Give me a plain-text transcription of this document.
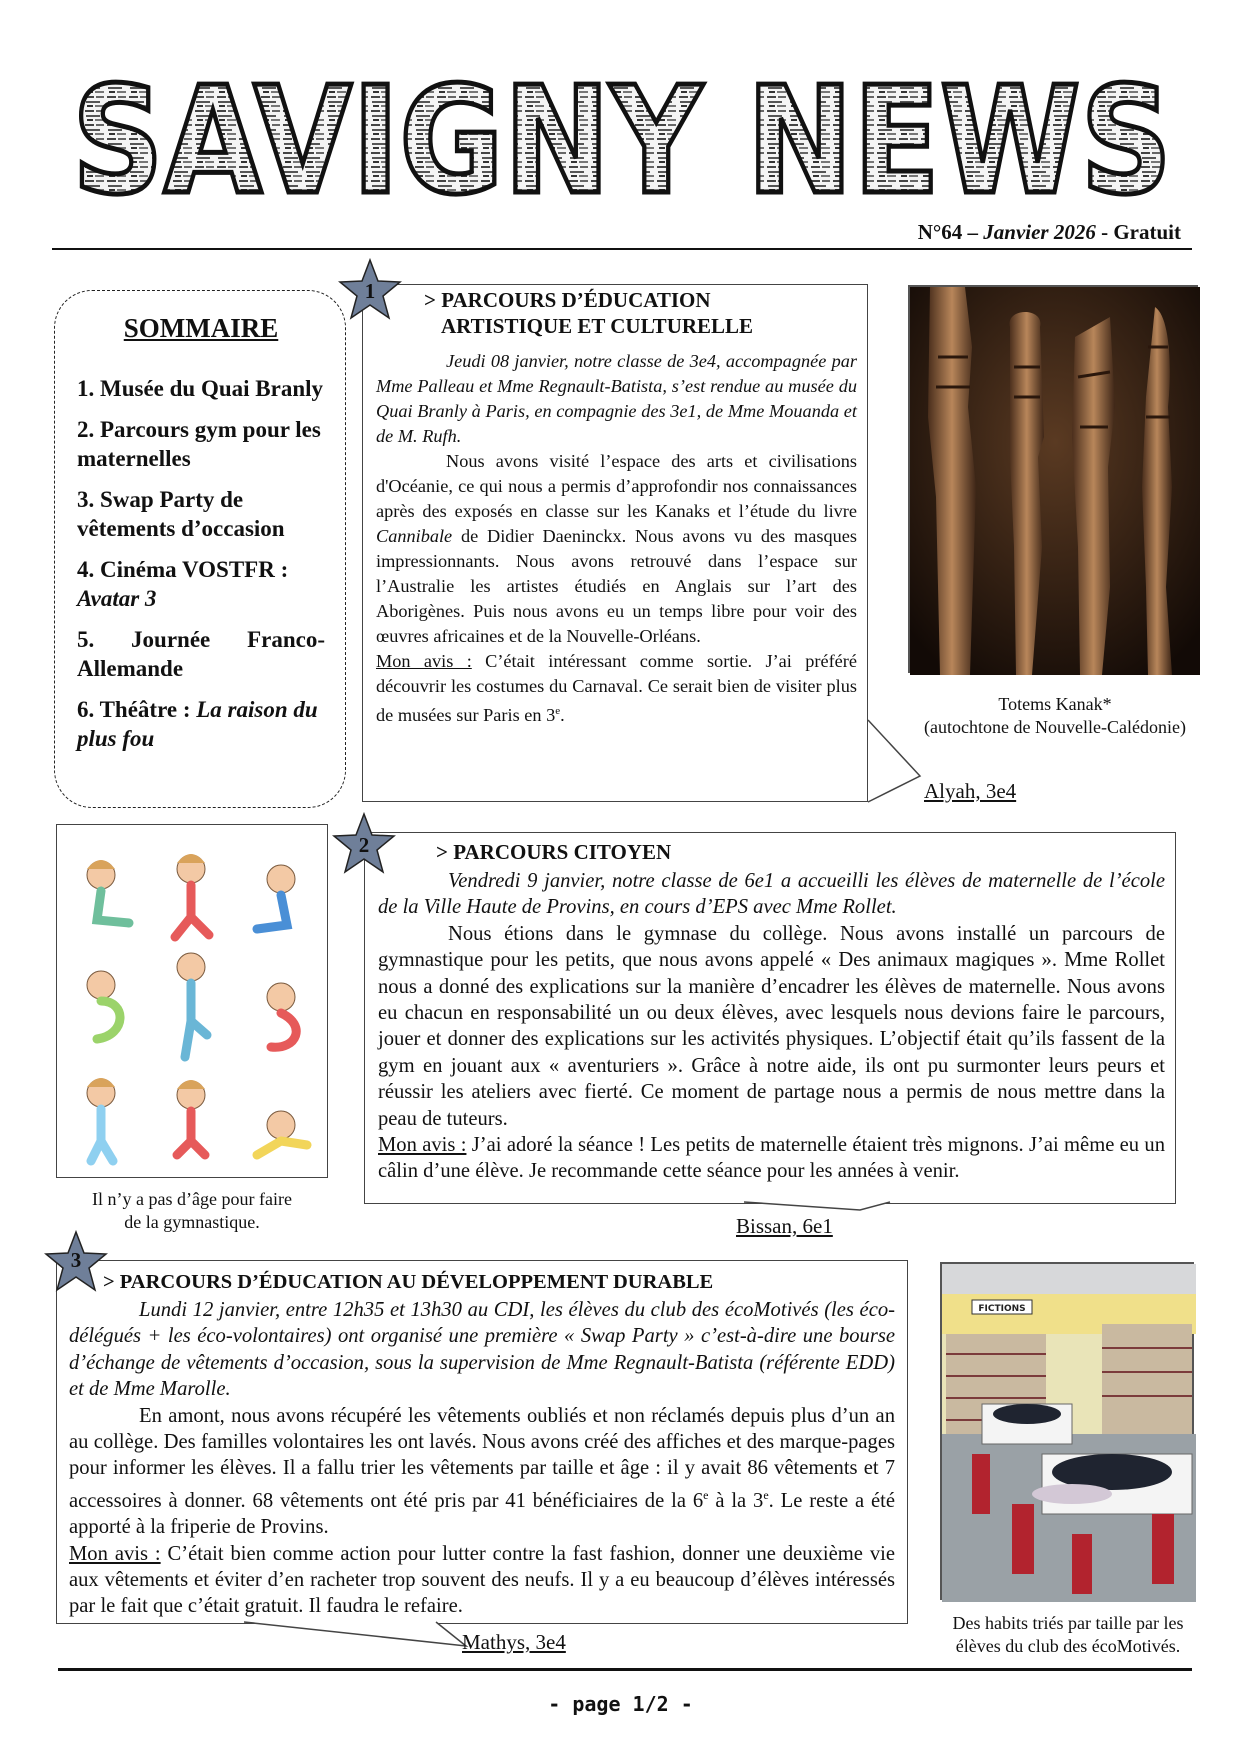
SAVIGNY NEWS
N°64 – Janvier 2026 - Gratuit
SOMMAIRE
1. Musée du Quai Branly
2. Parcours gym pour les maternelles
3. Swap Party de vêtements d’occasion
4. Cinéma VOSTFR :
Avatar 3
5. Journée Franco-
Allemande
6. Théâtre : La raison du plus fou
> PARCOURS D’ÉDUCATION
ARTISTIQUE ET CULTURELLE

Jeudi 08 janvier, notre classe de 3e4, accompagnée par Mme Palleau et Mme Regnault-Batista, s’est rendue au musée du Quai Branly à Paris, en compagnie des 3e1, de Mme Mouanda et de M. Rufh.

Nous avons visité l’espace des arts et civilisations d'Océanie, ce qui nous a permis d’approfondir nos connaissances après des exposés en classe sur les Kanaks et l’étude du livre Cannibale de Didier Daeninckx. Nous avons vu des masques impressionnants. Nous avons retrouvé dans l’espace sur l’Australie les artistes étudiés en Anglais sur l’art des Aborigènes. Puis nous avons eu un temps libre pour voir des œuvres africaines et de la Nouvelle-Orléans.

Mon avis : C’était intéressant comme sortie. J’ai préféré découvrir les costumes du Carnaval. Ce serait bien de visiter plus de musées sur Paris en 3e.

1
Alyah, 3e4
Totems Kanak*
(autochtone de Nouvelle-Calédonie)
Il n’y a pas d’âge pour faire
de la gymnastique.
> PARCOURS CITOYEN

Vendredi 9 janvier, notre classe de 6e1 a accueilli les élèves de maternelle de l’école de la Ville Haute de Provins, en cours d’EPS avec Mme Rollet.

Nous étions dans le gymnase du collège. Nous avons installé un parcours de gymnastique pour les petits, que nous avons appelé « Des animaux magiques ». Mme Rollet nous a donné des explications sur la manière d’encadrer les élèves de maternelle. Nous avons eu chacun en responsabilité un ou deux élèves, avec lesquels nous devions faire le parcours, jouer et donner des explications sur les activités physiques. L’objectif était qu’ils fassent de la gym en jouant aux « aventuriers ». Grâce à notre aide, ils ont pu surmonter leurs peurs et réussir les ateliers avec fierté. Ce moment de partage nous a permis de nous mettre dans la peau de tuteurs.

Mon avis : J’ai adoré la séance ! Les petits de maternelle étaient très mignons. J’ai même eu un câlin d’une élève. Je recommande cette séance pour les années à venir.

2
Bissan, 6e1
> PARCOURS D’ÉDUCATION AU DÉVELOPPEMENT DURABLE

Lundi 12 janvier, entre 12h35 et 13h30 au CDI, les élèves du club des écoMotivés (les éco-délégués + les éco-volontaires) ont organisé une première « Swap Party » c’est-à-dire une bourse d’échange de vêtements d’occasion, sous la supervision de Mme Regnault-Batista (référente EDD) et de Mme Marolle.

En amont, nous avons récupéré les vêtements oubliés et non réclamés depuis plus d’un an au collège. Des familles volontaires les ont lavés. Nous avons créé des affiches et des marque-pages pour informer les élèves. Il a fallu trier les vêtements par taille et âge : il y avait 86 vêtements et 7 accessoires à donner. 68 vêtements ont été pris par 41 bénéficiaires de la 6e à la 3e. Le reste a été apporté à la friperie de Provins.

Mon avis : C’était bien comme action pour lutter contre la fast fashion, donner une deuxième vie aux vêtements et éviter d’en racheter trop souvent des neufs. Il y a eu beaucoup d’élèves intéressés par le fait que c’était gratuit. Il faudra le refaire.

3
Mathys, 3e4
FICTIONS
Des habits triés par taille par les
élèves du club des écoMotivés.
- page 1/2 -
